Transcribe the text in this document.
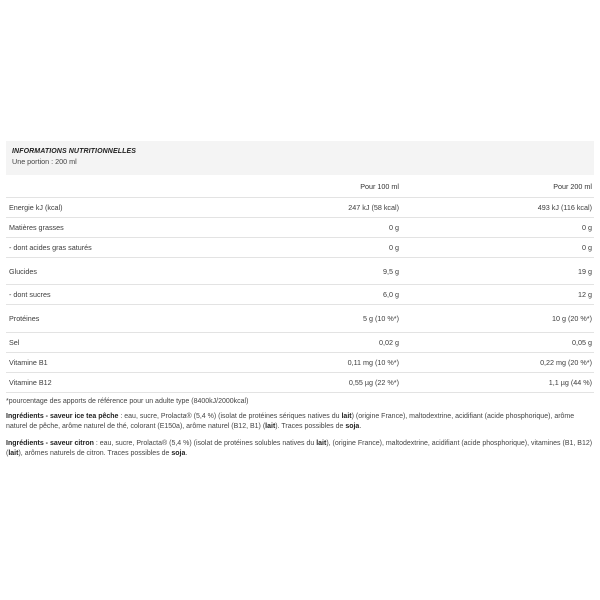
INFORMATIONS NUTRITIONNELLES
Une portion : 200 ml
	Pour 100 ml	Pour 200 ml
Energie kJ (kcal)	247 kJ (58 kcal)	493 kJ (116 kcal)
Matières grasses	0 g	0 g
- dont acides gras saturés	0 g	0 g
Glucides	9,5 g	19 g
- dont sucres	6,0 g	12 g
Protéines	5 g (10 %*)	10 g (20 %*)
Sel	0,02 g	0,05 g
Vitamine B1	0,11 mg (10 %*)	0,22 mg (20 %*)
Vitamine B12	0,55 µg (22 %*)	1,1 µg (44 %)
*pourcentage des apports de référence pour un adulte type (8400kJ/2000kcal)
Ingrédients - saveur ice tea pêche : eau, sucre, Prolacta® (5,4 %) (isolat de protéines sériques natives du lait) (origine France), maltodextrine, acidifiant (acide phosphorique), arôme naturel de pêche, arôme naturel de thé, colorant (E150a), arôme naturel (B12, B1) (lait). Traces possibles de soja.
Ingrédients - saveur citron : eau, sucre, Prolacta® (5,4 %) (isolat de protéines solubles natives du lait), (origine France), maltodextrine, acidifiant (acide phosphorique), vitamines (B1, B12) (lait), arômes naturels de citron. Traces possibles de soja.
